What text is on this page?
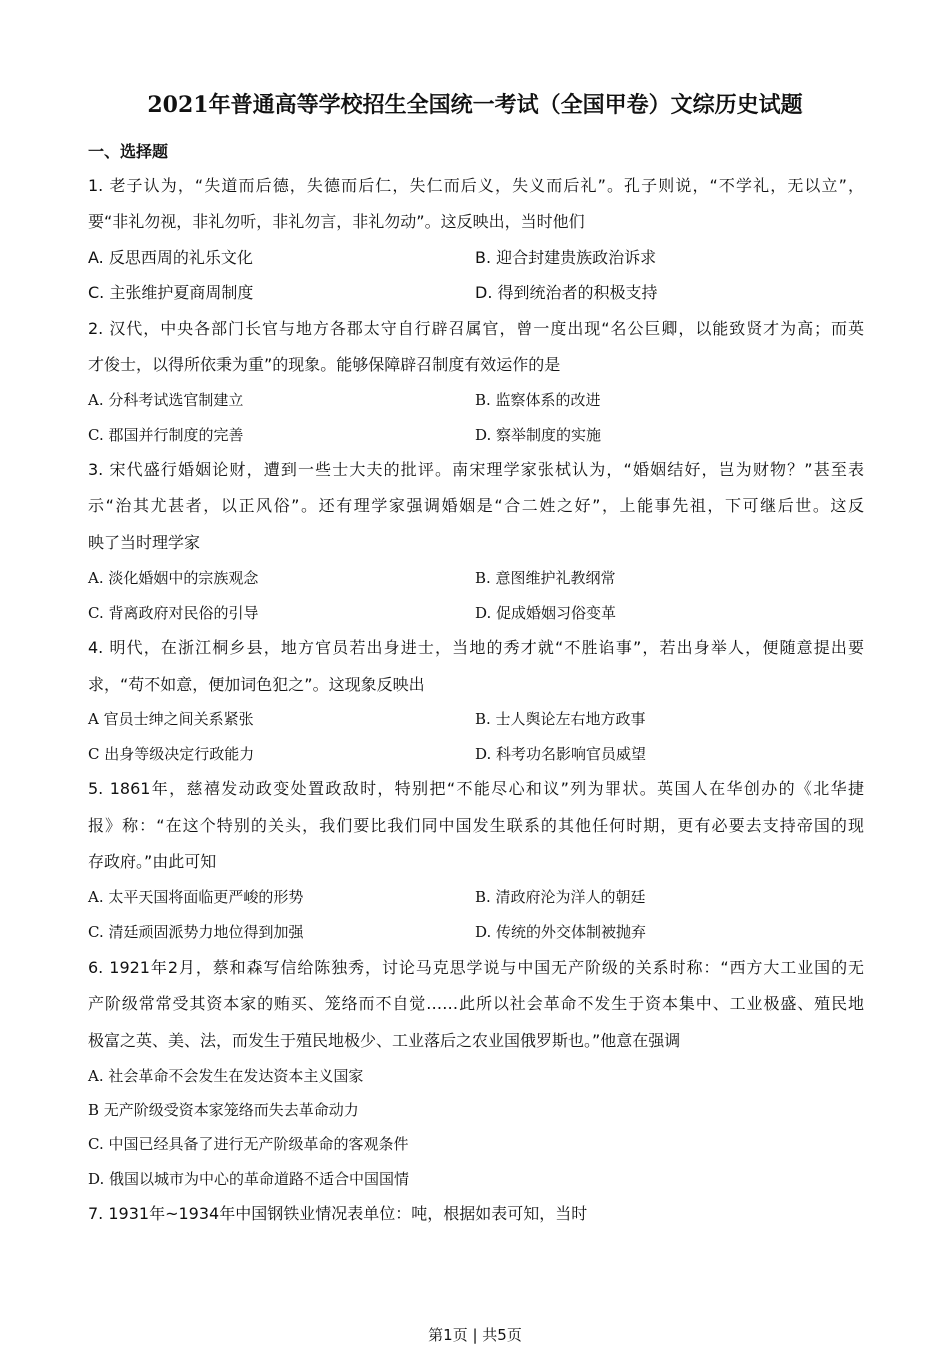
2021年普通高等学校招生全国统一考试（全国甲卷）文综历史试题
一、选择题
1. 老子认为，“失道而后德，失德而后仁，失仁而后义，失义而后礼”。孔子则说，“不学礼，无以立”，
要“非礼勿视，非礼勿听，非礼勿言，非礼勿动”。这反映出，当时他们
A. 反思西周的礼乐文化	B. 迎合封建贵族政治诉求
C. 主张维护夏商周制度	D. 得到统治者的积极支持
2. 汉代，中央各部门长官与地方各郡太守自行辟召属官，曾一度出现“名公巨卿，以能致贤才为高；而英
才俊士，以得所依秉为重”的现象。能够保障辟召制度有效运作的是
A. 分科考试选官制建立	B. 监察体系的改进
C. 郡国并行制度的完善	D. 察举制度的实施
3. 宋代盛行婚姻论财，遭到一些士大夫的批评。南宋理学家张栻认为，“婚姻结好，岂为财物？”甚至表
示“治其尤甚者，以正风俗”。还有理学家强调婚姻是“合二姓之好”，上能事先祖，下可继后世。这反
映了当时理学家
A. 淡化婚姻中的宗族观念	B. 意图维护礼教纲常
C. 背离政府对民俗的引导	D. 促成婚姻习俗变革
4. 明代，在浙江桐乡县，地方官员若出身进士，当地的秀才就“不胜谄事”，若出身举人，便随意提出要
求，“苟不如意，便加词色犯之”。这现象反映出
A 官员士绅之间关系紧张	B. 士人舆论左右地方政事
C 出身等级决定行政能力	D. 科考功名影响官员威望
5. 1861年，慈禧发动政变处置政敌时，特别把“不能尽心和议”列为罪状。英国人在华创办的《北华捷
报》称：“在这个特别的关头，我们要比我们同中国发生联系的其他任何时期，更有必要去支持帝国的现
存政府。”由此可知
A. 太平天国将面临更严峻的形势	B. 清政府沦为洋人的朝廷
C. 清廷顽固派势力地位得到加强	D. 传统的外交体制被抛弃
6. 1921年2月，蔡和森写信给陈独秀，讨论马克思学说与中国无产阶级的关系时称：“西方大工业国的无
产阶级常常受其资本家的贿买、笼络而不自觉……此所以社会革命不发生于资本集中、工业极盛、殖民地
极富之英、美、法，而发生于殖民地极少、工业落后之农业国俄罗斯也。”他意在强调
A. 社会革命不会发生在发达资本主义国家
B 无产阶级受资本家笼络而失去革命动力
C. 中国已经具备了进行无产阶级革命的客观条件
D. 俄国以城市为中心的革命道路不适合中国国情
7. 1931年~1934年中国钢铁业情况表单位：吨，根据如表可知，当时
第1页 | 共5页
